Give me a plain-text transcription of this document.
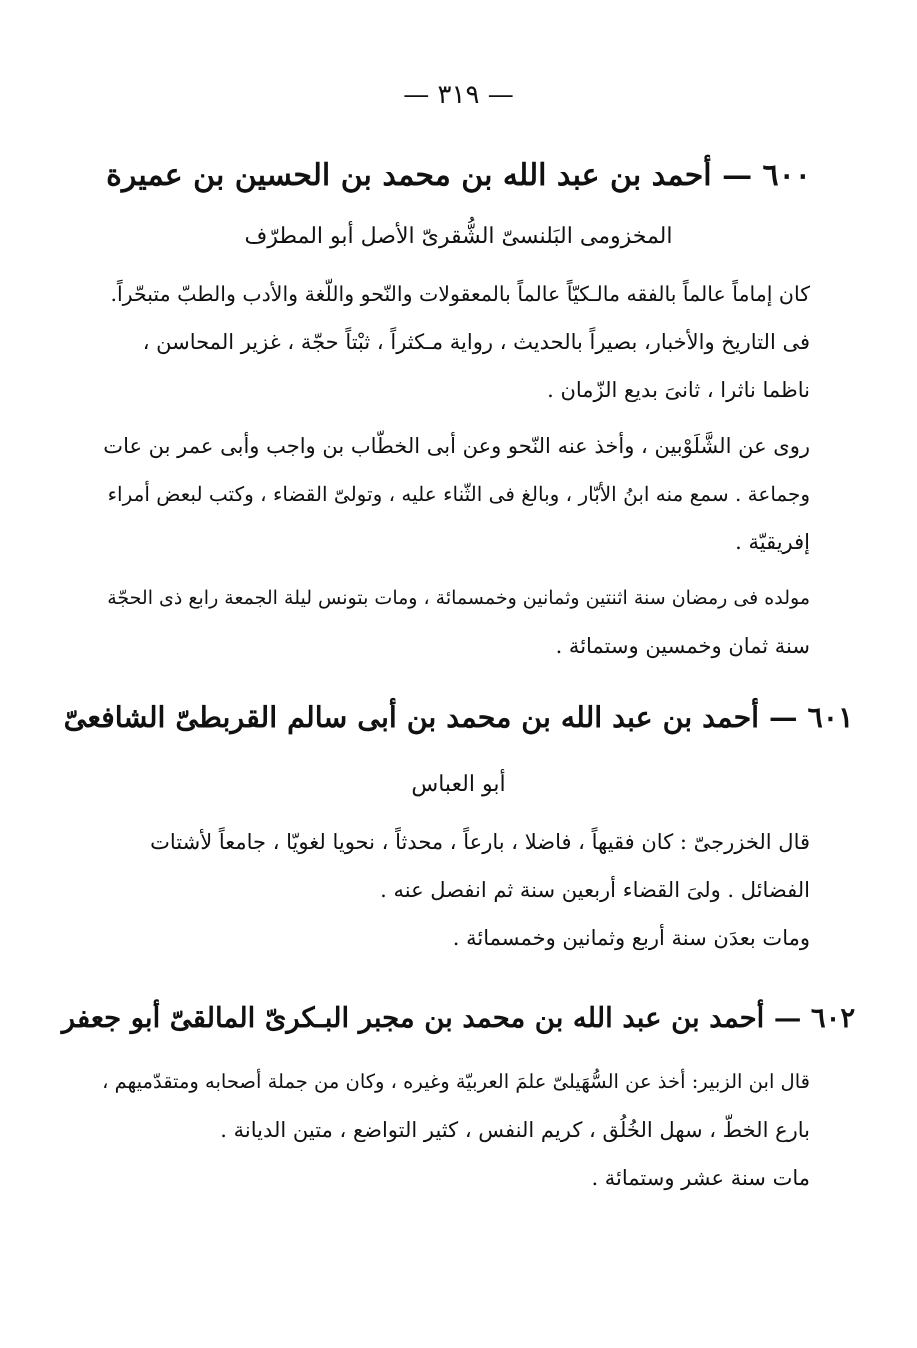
— ٣١٩ —
٦٠٠ — أحمد بن عبد الله بن محمد بن الحسين بن عميرة
المخزومى البَلنسىّ الشُّقرىّ الأصل أبو المطرّف

كان إماماً عالماً بالفقه مالـكيّاً عالماً بالمعقولات والنّحو واللّغة والأدب والطبّ متبحّراً.
فى التاريخ والأخبار، بصيراً بالحديث ، رواية مـكثراً ، ثبْتاً حجّة ، غزير المحاسن ،
ناظما ناثرا ، ثانىَ بديع الزّمان .

روى عن الشَّلَوْبين ، وأخذ عنه النّحو وعن أبى الخطّاب بن واجب وأبى عمر بن عات
وجماعة . سمع منه ابنُ الأبّار ، وبالغ فى الثّناء عليه ، وتولىّ القضاء ، وكتب لبعض أمراء
إفريقيّة .

مولده فى رمضان سنة اثنتين وثمانين وخمسمائة ، ومات بتونس ليلة الجمعة رابع ذى الحجّة
سنة ثمان وخمسين وستمائة .

٦٠١ — أحمد بن عبد الله بن محمد بن أبى سالم القربطىّ الشافعىّ
أبو العباس

قال الخزرجىّ : كان فقيهاً ، فاضلا ، بارعاً ، محدثاً ، نحويا لغويّا ، جامعاً لأشتات
الفضائل . ولىَ القضاء أربعين سنة ثم انفصل عنه .

ومات بعدَن سنة أربع وثمانين وخمسمائة .

٦٠٢ — أحمد بن عبد الله بن محمد بن مجبر البـكرىّ المالقىّ أبو جعفر

قال ابن الزبير: أخذ عن السُّهَيلىّ علمَ العربيّة وغيره ، وكان من جملة أصحابه ومتقدّميهم ،
بارع الخطّ ، سهل الخُلُق ، كريم النفس ، كثير التواضع ، متين الديانة .

مات سنة عشر وستمائة .
